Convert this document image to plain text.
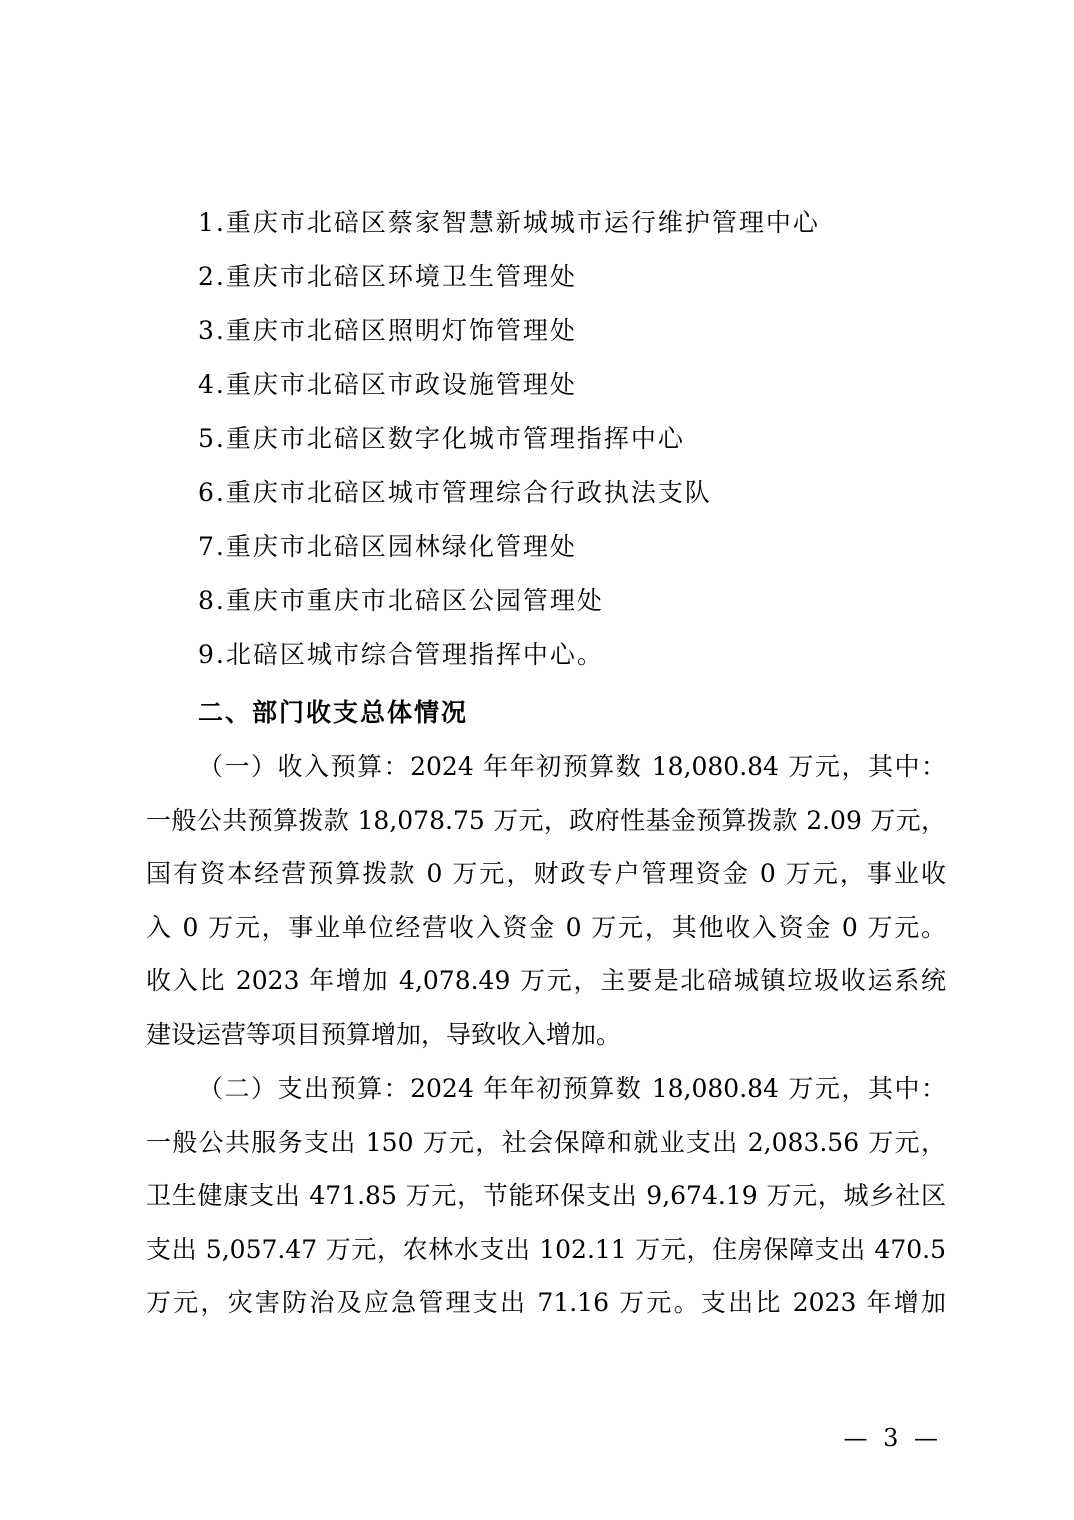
1.重庆市北碚区蔡家智慧新城城市运行维护管理中心
2.重庆市北碚区环境卫生管理处
3.重庆市北碚区照明灯饰管理处
4.重庆市北碚区市政设施管理处
5.重庆市北碚区数字化城市管理指挥中心
6.重庆市北碚区城市管理综合行政执法支队
7.重庆市北碚区园林绿化管理处
8.重庆市重庆市北碚区公园管理处
9.北碚区城市综合管理指挥中心。
二、部门收支总体情况
（一）收入预算：2024 年年初预算数 18,080.84 万元，其中：
一般公共预算拨款 18,078.75 万元，政府性基金预算拨款 2.09 万元，
国有资本经营预算拨款 0 万元，财政专户管理资金 0 万元，事业收
入 0 万元，事业单位经营收入资金 0 万元，其他收入资金 0 万元。
收入比 2023 年增加 4,078.49 万元，主要是北碚城镇垃圾收运系统
建设运营等项目预算增加，导致收入增加。
（二）支出预算：2024 年年初预算数 18,080.84 万元，其中：
一般公共服务支出 150 万元，社会保障和就业支出 2,083.56 万元，
卫生健康支出 471.85 万元，节能环保支出 9,674.19 万元，城乡社区
支出 5,057.47 万元，农林水支出 102.11 万元，住房保障支出 470.5
万元，灾害防治及应急管理支出 71.16 万元。支出比 2023 年增加
— 3 —
